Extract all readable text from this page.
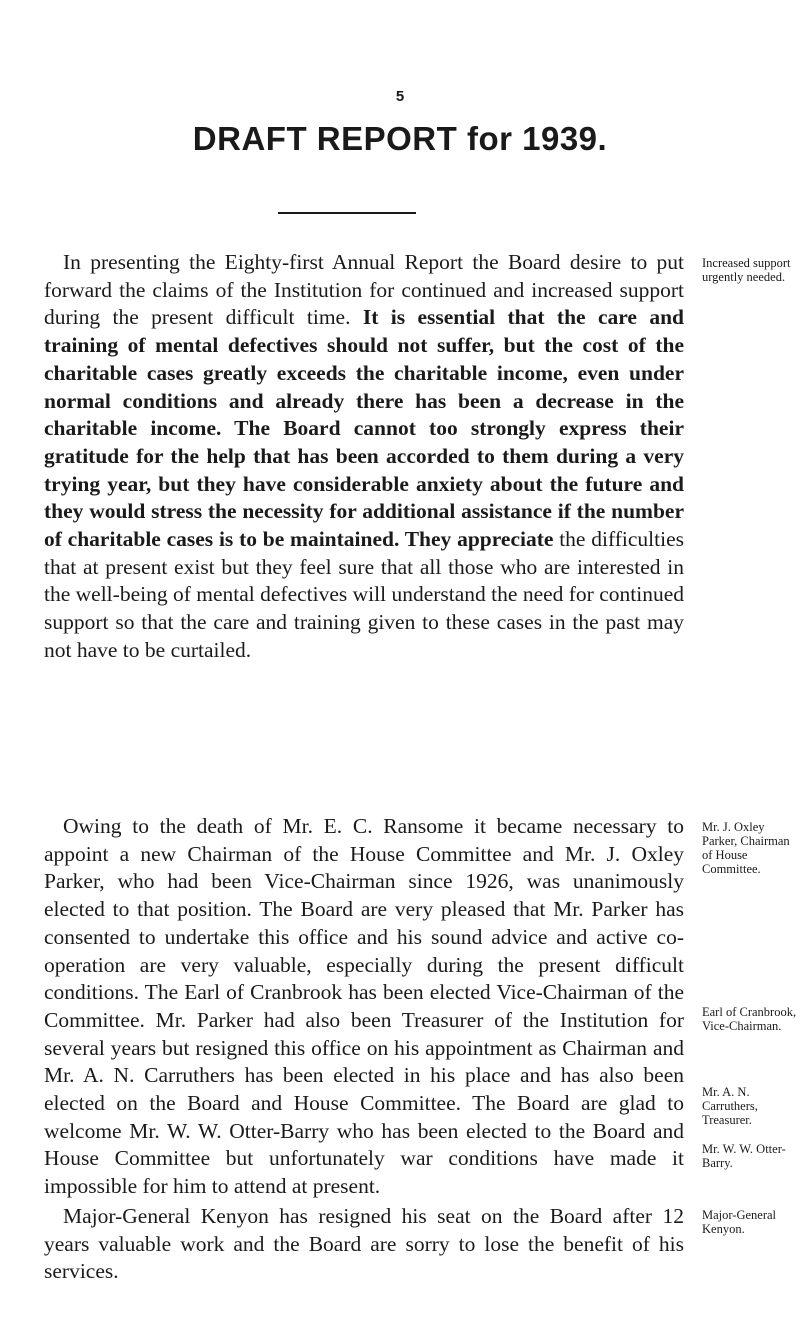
5
DRAFT REPORT for 1939.

In presenting the Eighty-first Annual Report the Board desire to put forward the claims of the Institution for continued and increased support during the present difficult time. It is essential that the care and training of mental defectives should not suffer, but the cost of the charitable cases greatly exceeds the charitable income, even under normal conditions and already there has been a decrease in the charitable income. The Board cannot too strongly express their gratitude for the help that has been accorded to them during a very trying year, but they have considerable anxiety about the future and they would stress the necessity for additional assistance if the number of charitable cases is to be maintained. They appreciate the difficulties that at present exist but they feel sure that all those who are interested in the well-being of mental defectives will understand the need for continued support so that the care and training given to these cases in the past may not have to be curtailed.

Owing to the death of Mr. E. C. Ransome it became necessary to appoint a new Chairman of the House Committee and Mr. J. Oxley Parker, who had been Vice-Chairman since 1926, was unanimously elected to that position. The Board are very pleased that Mr. Parker has consented to undertake this office and his sound advice and active co-operation are very valuable, especially during the present difficult conditions. The Earl of Cranbrook has been elected Vice-Chairman of the Committee. Mr. Parker had also been Treasurer of the Institution for several years but resigned this office on his appointment as Chairman and Mr. A. N. Carruthers has been elected in his place and has also been elected on the Board and House Committee. The Board are glad to welcome Mr. W. W. Otter-Barry who has been elected to the Board and House Committee but unfortunately war conditions have made it impossible for him to attend at present.

Major-General Kenyon has resigned his seat on the Board after 12 years valuable work and the Board are sorry to lose the benefit of his services.

Increased support urgently needed.

Mr. J. Oxley Parker, Chairman of House Committee.

Earl of Cranbrook, Vice-Chairman.

Mr. A. N. Carruthers, Treasurer.

Mr. W. W. Otter-Barry.

Major-General Kenyon.
